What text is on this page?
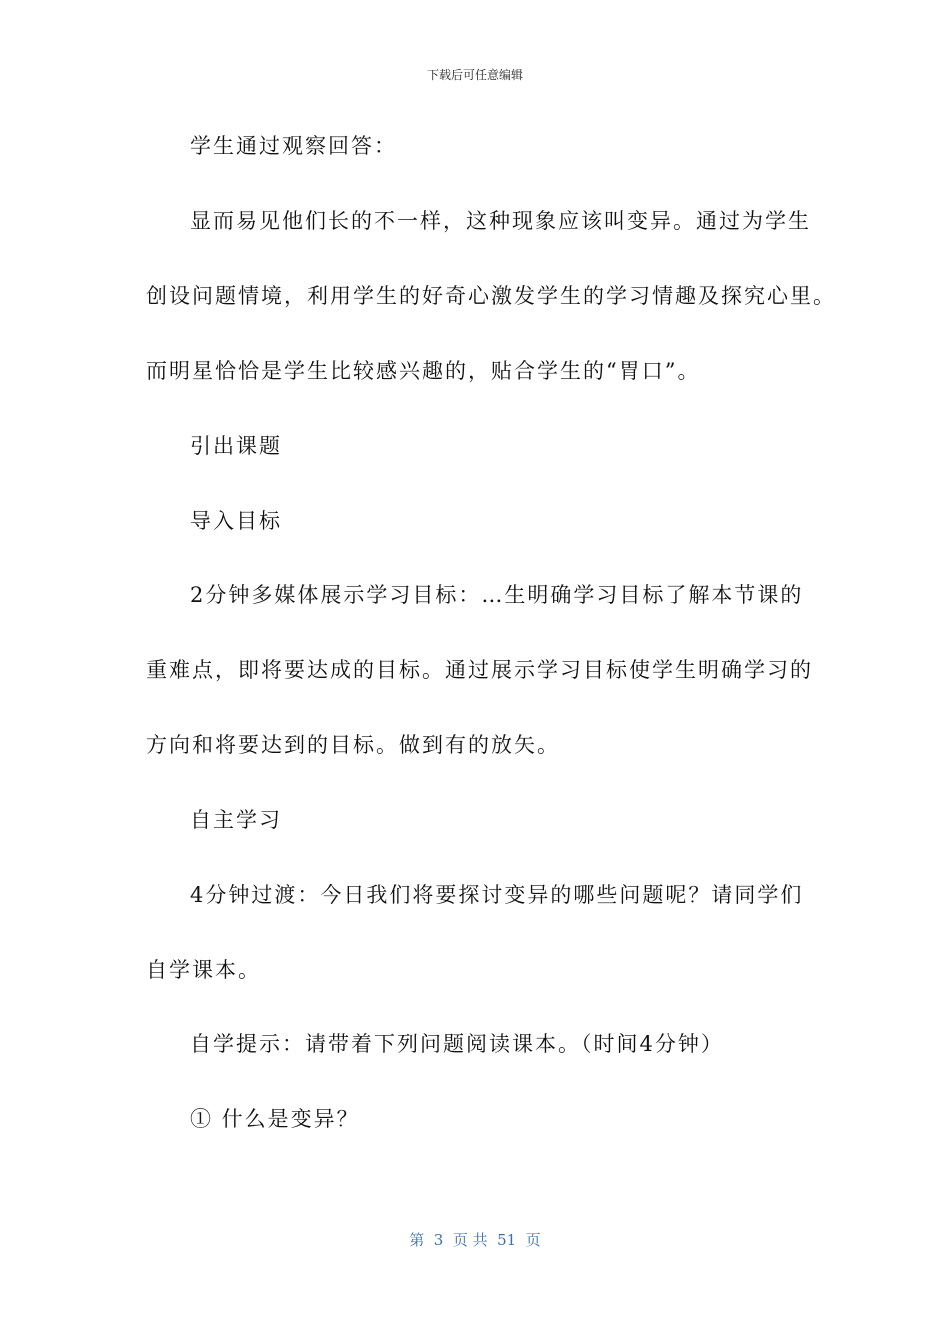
下载后可任意编辑
学生通过观察回答：
显而易见他们长的不一样，这种现象应该叫变异。通过为学生
创设问题情境，利用学生的好奇心激发学生的学习情趣及探究心里。
而明星恰恰是学生比较感兴趣的，贴合学生的“胃口”。
引出课题
导入目标
2分钟多媒体展示学习目标：…生明确学习目标了解本节课的
重难点，即将要达成的目标。通过展示学习目标使学生明确学习的
方向和将要达到的目标。做到有的放矢。
自主学习
4分钟过渡：今日我们将要探讨变异的哪些问题呢？请同学们
自学课本。
自学提示：请带着下列问题阅读课本。（时间4分钟）
① 什么是变异？
第  3  页 共  51  页
